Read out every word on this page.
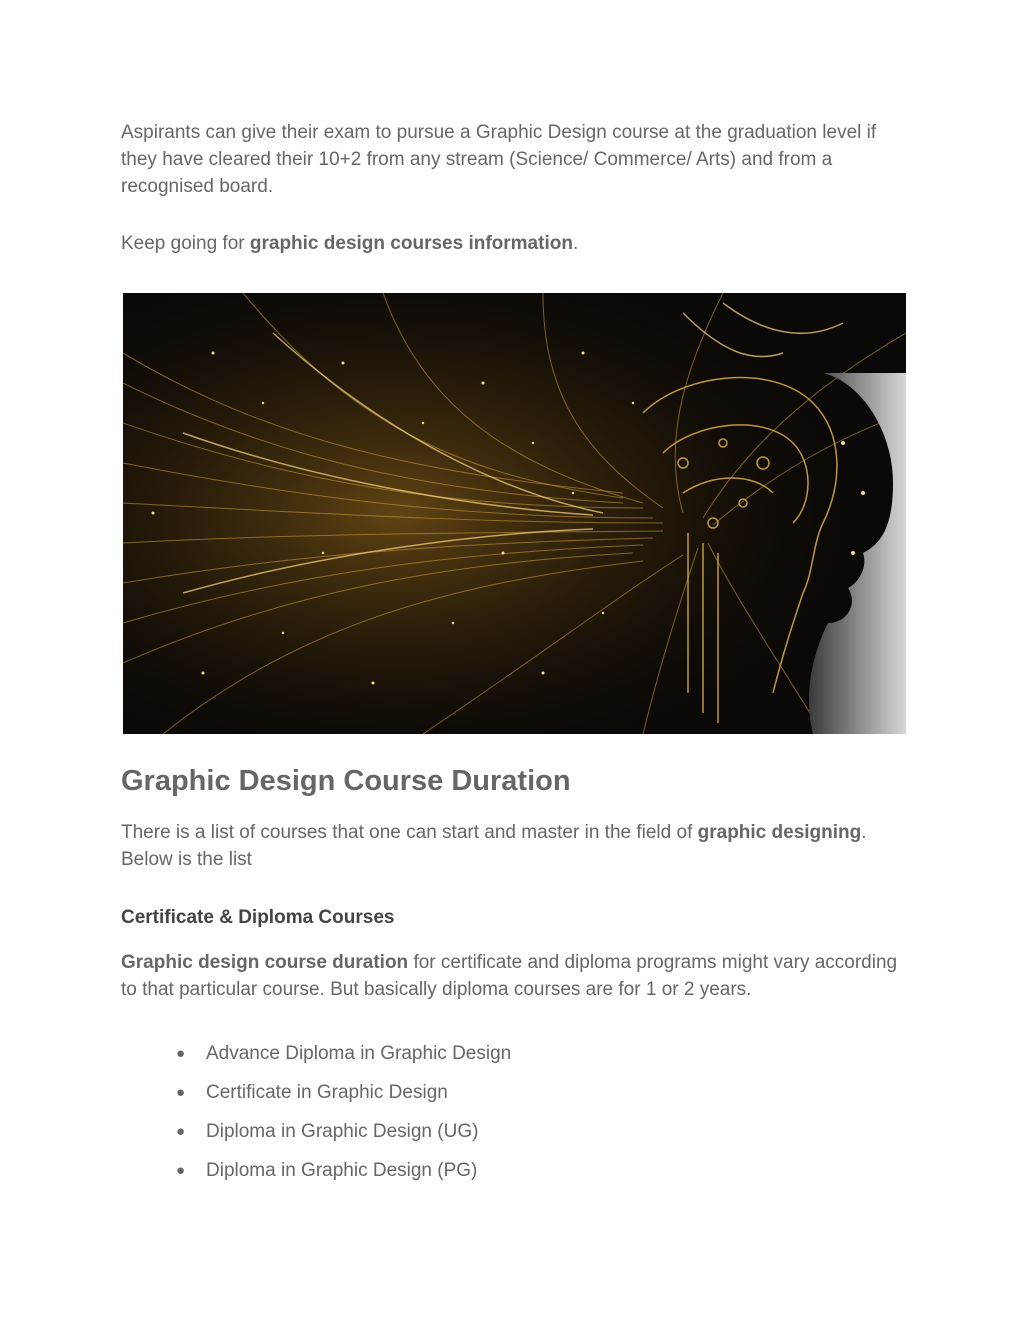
Aspirants can give their exam to pursue a Graphic Design course at the graduation level if they have cleared their 10+2 from any stream (Science/ Commerce/ Arts) and from a recognised board.

Keep going for graphic design courses information.

Graphic Design Course Duration

There is a list of courses that one can start and master in the field of graphic designing. Below is the list

Certificate & Diploma Courses

Graphic design course duration for certificate and diploma programs might vary according to that particular course. But basically diploma courses are for 1 or 2 years.

● Advance Diploma in Graphic Design
● Certificate in Graphic Design
● Diploma in Graphic Design (UG)
● Diploma in Graphic Design (PG)
